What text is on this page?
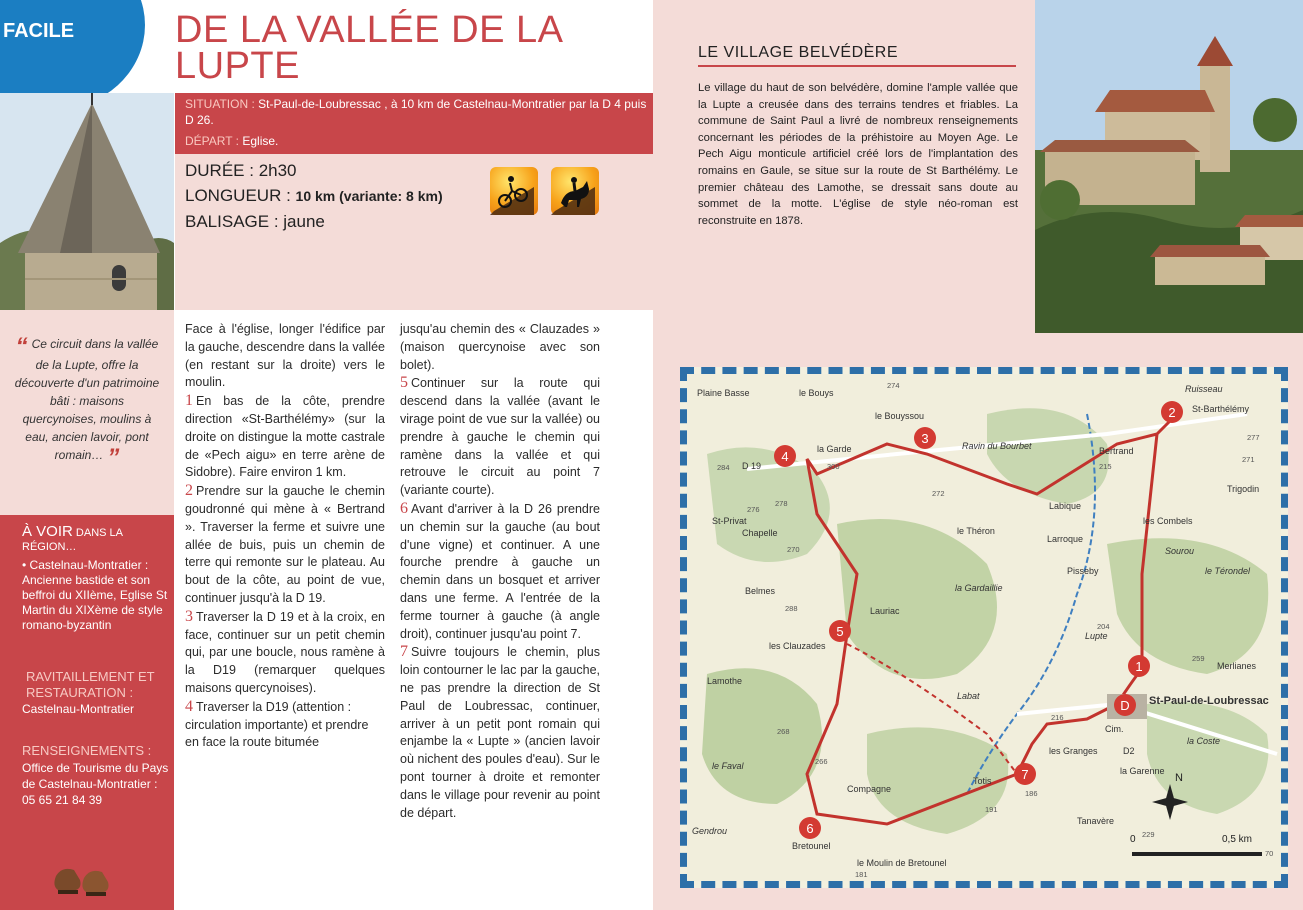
FACILE
“ Ce circuit dans la vallée de la Lupte, offre la découverte d'un patrimoine bâti : maisons quercynoises, moulins à eau, ancien lavoir, pont romain… ”
À VOIR DANS LA RÉGION…
• Castelnau-Montratier : Ancienne bastide et son beffroi du XIIème, Eglise St Martin du XIXème de style romano-byzantin
RAVITAILLEMENT ET RESTAURATION :
Castelnau-Montratier
RENSEIGNEMENTS :
Office de Tourisme du Pays de Castelnau-Montratier : 05 65 21 84 39
DE LA VALLÉE DE LA LUPTE
SITUATION : St-Paul-de-Loubressac , à 10 km de Castelnau-Montratier par la D 4 puis D 26.
DÉPART : Eglise.
DURÉE : 2h30
LONGUEUR : 10 km (variante: 8 km)
BALISAGE : jaune

Face à l'église, longer l'édifice par la gauche, descendre dans la vallée (en restant sur la droite) vers le moulin.

1 En bas de la côte, prendre direction «St-Barthélémy» (sur la droite on distingue la motte castrale de «Pech aigu» en terre arène de Sidobre). Faire environ 1 km.

2 Prendre sur la gauche le chemin goudronné qui mène à « Bertrand ». Traverser la ferme et suivre une allée de buis, puis un chemin de terre qui remonte sur le plateau. Au bout de la côte, au point de vue, continuer jusqu'à la D 19.

3 Traverser la D 19 et à la croix, en face, continuer sur un petit chemin qui, par une boucle, nous ramène à la D19 (remarquer quelques maisons quercynoises).

4 Traverser la D19 (attention : circulation importante) et prendre en face la route bitumée

jusqu'au chemin des « Clauzades » (maison quercynoise avec son bolet).

5 Continuer sur la route qui descend dans la vallée (avant le virage point de vue sur la vallée) ou prendre à gauche le chemin qui ramène dans la vallée et qui retrouve le circuit au point 7 (variante courte).

6 Avant d'arriver à la D 26 prendre un chemin sur la gauche (au bout d'une vigne) et continuer. A une fourche prendre à gauche un chemin dans un bosquet et arriver dans une ferme. A l'entrée de la ferme tourner à gauche (à angle droit), continuer jusqu'au point 7.

7 Suivre toujours le chemin, plus loin contourner le lac par la gauche, ne pas prendre la direction de St Paul de Loubressac, continuer, arriver à un petit pont romain qui enjambe la « Lupte » (ancien lavoir où nichent des poules d'eau). Sur le pont tourner à droite et remonter dans le village pour revenir au point de départ.

LE VILLAGE BELVÉDÈRE
Le village du haut de son belvédère, domine l'ample vallée que la Lupte a creusée dans des terrains tendres et friables. La commune de Saint Paul a livré de nombreux renseignements concernant les périodes de la préhistoire au Moyen Age. Le Pech Aigu monticule artificiel créé lors de l'implantation des romains en Gaule, se situe sur la route de St Barthélémy. Le premier château des Lamothe, se dressait sans doute au sommet de la motte. L'église de style néo-roman est reconstruite en 1878.
1
2
3
4
5
6
7
D
Plaine Basse	le Bouys
le Bouyssou
St-Barthélémy
Bertrand
la Garde
D 19
Ravin du Bourbet
Trigodin
St-Privat
Chapelle
Labique
le Théron
Larroque
les Combels
Sourou
le Térondel
Pisseby
la Gardaillie
Lauriac
Belmes
les Clauzades
Merlianes
St-Paul-de-Loubressac
Lamothe
Labat
Cim.
la Coste
le Faval
les Granges
la Garenne
Compagne
Totis
Tanavère
Gendrou
Bretounel
le Moulin de Bretounel
Lupte
Ruisseau
D2
274
277
284	300
278
272
215
271
276
288
270
204
259
216
268
266
191
186
181
229
70
N
0	0,5 km
